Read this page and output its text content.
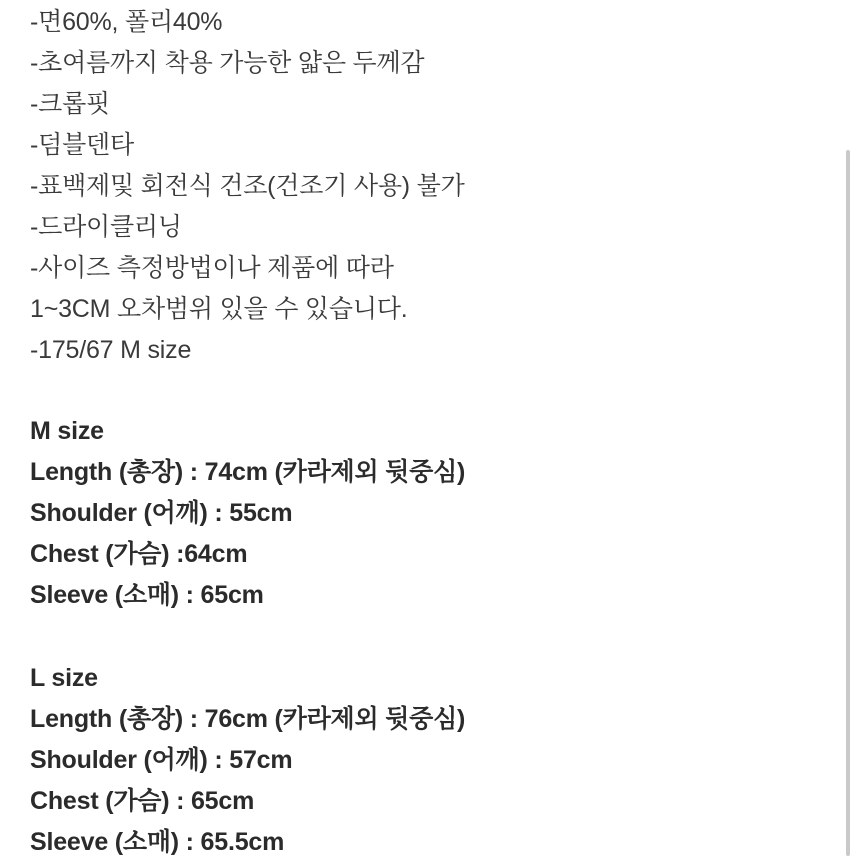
-면60%, 폴리40%
-초여름까지 착용 가능한 얇은 두께감
-크롭핏
-덤블덴타
-표백제및 회전식 건조(건조기 사용) 불가
-드라이클리닝
-사이즈 측정방법이나 제품에 따라
1~3CM 오차범위 있을 수 있습니다.
-175/67 M size
M size
Length (총장) : 74cm (카라제외 뒷중심)
Shoulder (어깨) : 55cm
Chest (가슴) :64cm
Sleeve (소매) : 65cm
L size
Length (총장) : 76cm (카라제외 뒷중심)
Shoulder (어깨) : 57cm
Chest (가슴) : 65cm
Sleeve (소매) : 65.5cm
